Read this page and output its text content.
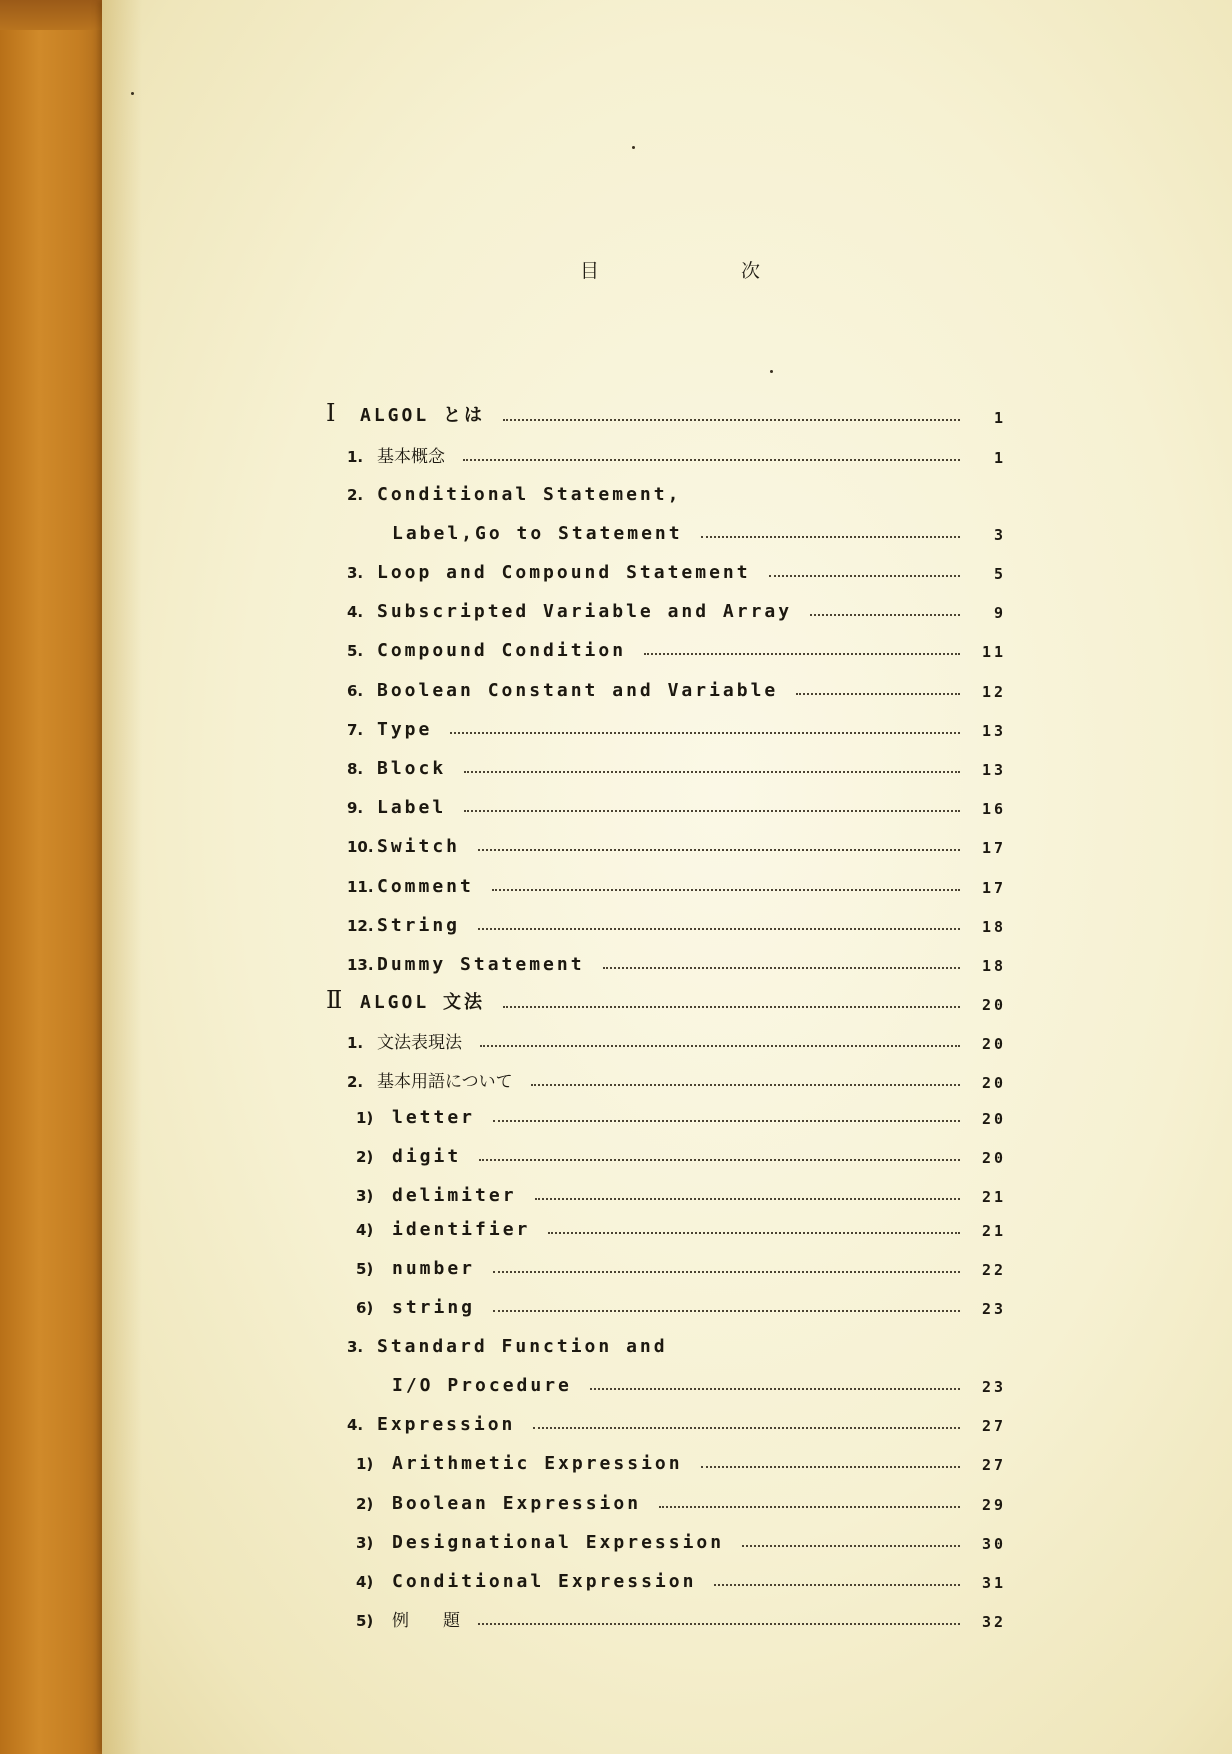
目	次
Ⅰ ALGOL とは	1
1. 基本概念	1
2. Conditional Statement,
Label,Go to Statement	3
3. Loop and Compound Statement	5
4. Subscripted Variable and Array	9
5. Compound Condition	11
6. Boolean Constant and Variable	12
7. Type	13
8. Block	13
9. Label	16
10. Switch	17
11. Comment	17
12. String	18
13. Dummy Statement	18
Ⅱ ALGOL 文法	20
1. 文法表現法	20
2. 基本用語について	20
1) letter	20
2) digit	20
3) delimiter	21
4) identifier	21
5) number	22
6) string	23
3. Standard Function and
I/O Procedure	23
4. Expression	27
1) Arithmetic Expression	27
2) Boolean Expression	29
3) Designational Expression	30
4) Conditional Expression	31
5) 例　　題	32
